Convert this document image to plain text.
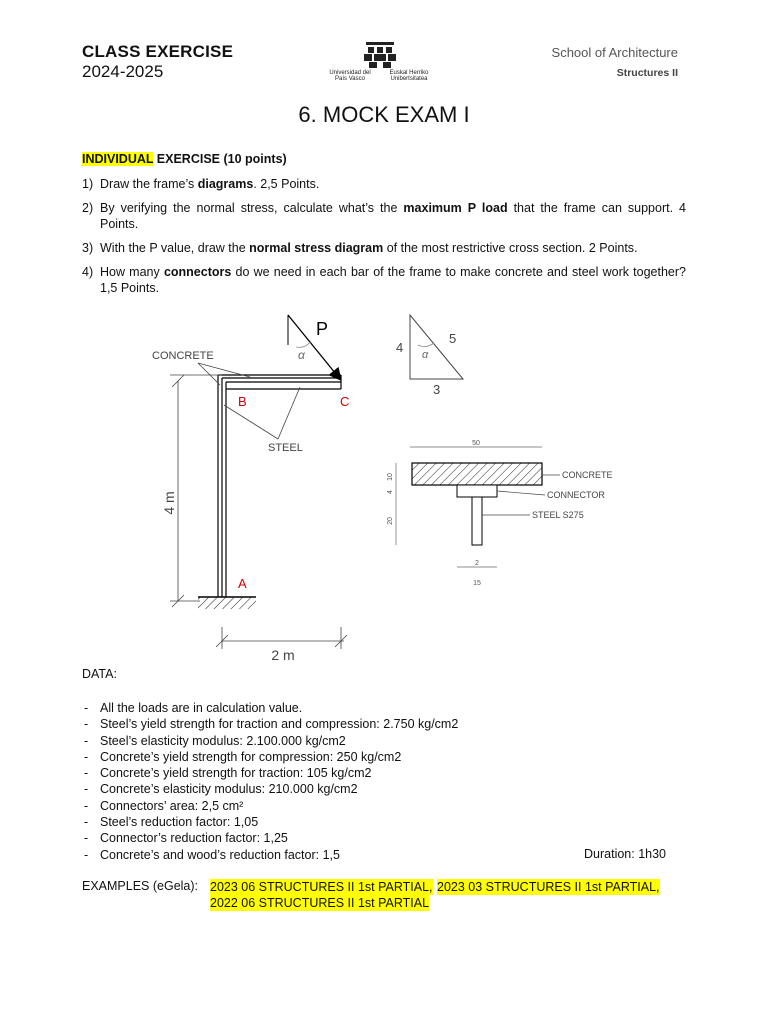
CLASS EXERCISE
2024-2025	Universidad del País Vasco
Euskal Herriko Unibertsitatea
School of Architecture
Structures II
6. MOCK EXAM I
INDIVIDUAL EXERCISE (10 points)
1) Draw the frame’s diagrams. 2,5 Points.
2) By verifying the normal stress, calculate what’s the maximum P load that the frame can support. 4 Points.
3) With the P value, draw the normal stress diagram of the most restrictive cross section. 2 Points.
4) How many connectors do we need in each bar of the frame to make concrete and steel work together? 1,5 Points.
P
α
CONCRETE
STEEL
B	C
A
4 m
2 m
4
5
3
α
50
10
4
20
2
15
CONCRETE
CONNECTOR
STEEL S275
DATA:
- All the loads are in calculation value.
- Steel’s yield strength for traction and compression: 2.750 kg/cm2
- Steel’s elasticity modulus: 2.100.000 kg/cm2
- Concrete’s yield strength for compression: 250 kg/cm2
- Concrete’s yield strength for traction: 105 kg/cm2
- Concrete’s elasticity modulus: 210.000 kg/cm2
- Connectors’ area: 2,5 cm²
- Steel’s reduction factor: 1,05
- Connector’s reduction factor: 1,25
- Concrete’s and wood’s reduction factor: 1,5	Duration: 1h30
EXAMPLES (eGela): 2023 06 STRUCTURES II 1st PARTIAL, 2023 03 STRUCTURES II 1st PARTIAL,
2022 06 STRUCTURES II 1st PARTIAL
